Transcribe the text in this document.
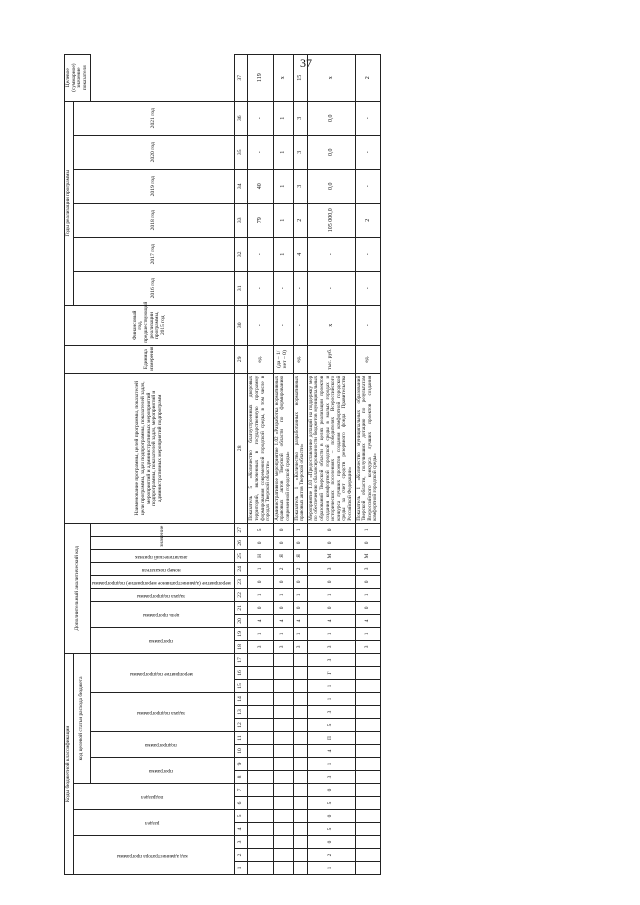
37
Коды бюджетной классификации																	Дополнительный аналитический код										Наименование программы, целей программы, показателей цели программы, задач подпрограммы, показателей задач, мероприятий и административных мероприятий подпрограммы, показателей задач, мероприятий и административных мероприятий подпрограмм	Единица измерения	Финансовый год, предшествующий реализации программы, 2015 год	Годы реализации программы						Целевое (суммарное) значение показателя
код администратора программы			раздел		подраздел		код целевой статьи расхода бюджета																							2016 год	2017 год	2018 год	2019 год	2020 год	2021 год	
							программа		подпрограмма		задача подпрограммы			мероприятие подпрограммы			программа		цель программы		задача подпрограммы	мероприятие (административное мероприятие) подпрограммы	номер показателя	аналитический признак	значение											
1	2	3	4	5	6	7	8	9	10	11	12	13	14	15	16	17	18	19	20	21	22	23	24	25	26	27	28	29	30	31	32	33	34	35	36	37
																	3	1	4	0	1	0	1	Н	0	5	Показатель 5 «Количество благоустроенных дворовых территорий, включенных в государственную программу формирования современной городской среды, в том числе в городах Тверской области»	ед.	-	-	-	79	40	-	-	119
																	3	1	4	0	1	0	2	Я	0	0	Административное мероприятие 1.02 «Разработка нормативных правовых актов Тверской области по формированию современной городской среды»	(да – 1/ нет – 0)	-	-	1	1	1	1	1	х
																	3	1	4	0	1	0	2	Я	0	1	Показатель 1 «Количество разработанных нормативных правовых актов Тверской области»	ед.	-	-	4	2	3	3	3	15
1	2	0	5	0	5	0	3	1	4	П	5	3	1	1	Г	3	3	1	4	0	1	0	3	М	0	0	Мероприятие 1.03 «Предоставление дотаций на поддержку мер по обеспечению сбалансированности бюджетов муниципальных образований Тверской области в целях реализации проектов создания комфортной городской среды в малых городах и исторических поселениях – победителях Всероссийского конкурса лучших проектов создания комфортной городской среды за счет средств резервного фонда Правительства Российской Федерации»	тыс. руб.	х	-	-	105 000,0	0,0	0,0	0,0	х
																	3	1	4	0	1	0	3	М	0	1	Показатель 1 «Количество муниципальных образований Тверской области, получивших дотацию по результатам Всероссийского конкурса лучших проектов создания комфортной городской среды»	ед.	-	-	-	2	-	-	-	2
